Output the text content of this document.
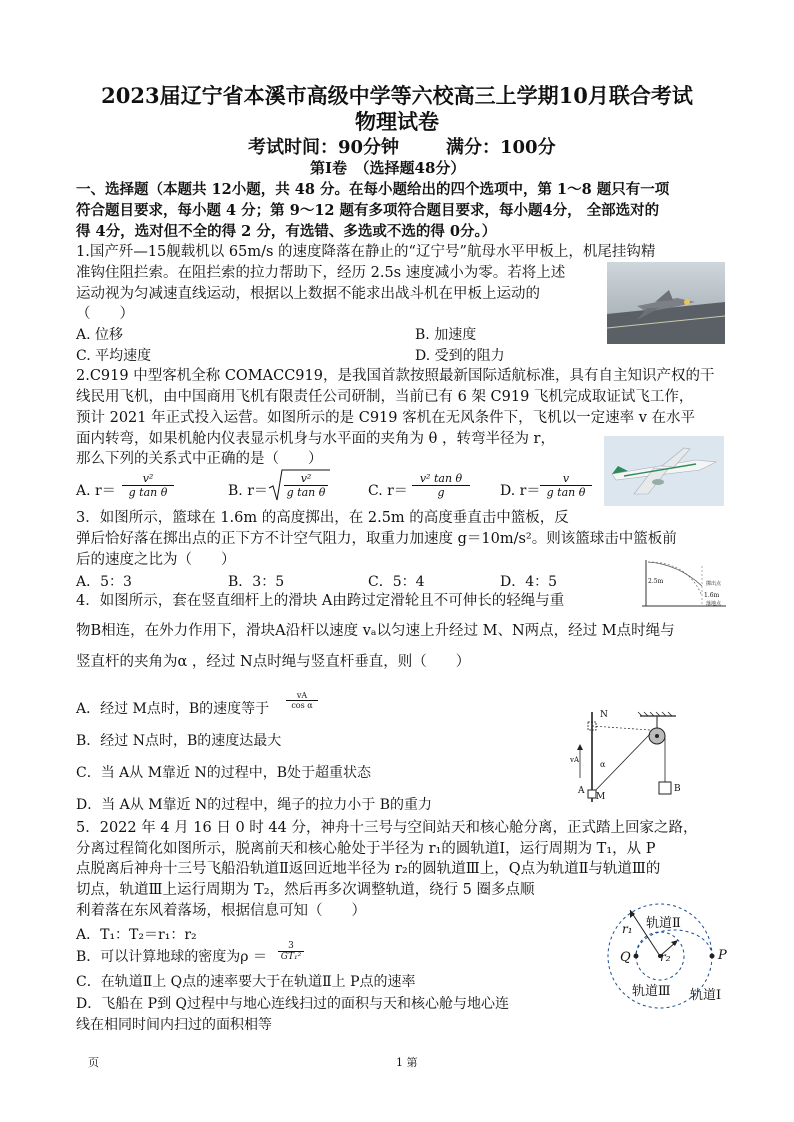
2023届辽宁省本溪市高级中学等六校高三上学期10月联合考试
物理试卷
考试时间：90分钟	满分：100分
第Ⅰ卷　（选择题48分）
一、选择题（本题共 12小题，共 48 分。在每小题给出的四个选项中，第 1～8 题只有一项
符合题目要求，每小题 4 分；第 9～12 题有多项符合题目要求，每小题4分， 全部选对的
得 4分，选对但不全的得 2 分，有选错、多选或不选的得 0分。）
1.国产歼—15舰载机以 65m/s 的速度降落在静止的“辽宁号”航母水平甲板上，机尾挂钩精
准钩住阻拦索。在阻拦索的拉力帮助下，经历 2.5s 速度减小为零。若将上述
运动视为匀减速直线运动，根据以上数据不能求出战斗机在甲板上运动的
（　　）
A. 位移	B. 加速度
C. 平均速度	D. 受到的阻力
2.C919 中型客机全称 COMACC919，是我国首款按照最新国际适航标准，具有自主知识产权的干
线民用飞机，由中国商用飞机有限责任公司研制，当前已有 6 架 C919 飞机完成取证试飞工作，
预计 2021 年正式投入运营。如图所示的是 C919 客机在无风条件下，飞机以一定速率 v 在水平
面内转弯，如果机舱内仪表显示机身与水平面的夹角为 θ ，转弯半径为 r，
那么下列的关系式中正确的是（　　）
A. $r= \frac{\text{v²}}{\text{g tan θ}}$	B. $r= \frac{\text{v²}}{\text{g tan θ}}$	C. $r= \frac{\text{v² tan θ}}{g} D$. $r= \frac{v}{\text{g tan θ}}$
3．如图所示，篮球在 1.6m 的高度掷出，在 2.5m 的高度垂直击中篮板，反
弹后恰好落在掷出点的正下方不计空气阻力，取重力加速度 g＝10m/s²。则该篮球击中篮板前
后的速度之比为（　　）
A．5：3	B．3：5	C．5：4	D．4：5	2.5m
1.6m
掷出点
落地点
4．如图所示，套在竖直细杆上的滑块 A由跨过定滑轮且不可伸长的轻绳与重
物B相连，在外力作用下，滑块A沿杆以速度 vₐ以匀速上升经过 M、N两点，经过 M点时绳与
竖直杆的夹角为α ，经过 N点时绳与竖直杆垂直，则（　　）
A．经过 M点时，B的速度等于 $\frac{vA}{\text{cos α}}$
B．经过 N点时，B的速度达最大
C．当 A从 M靠近 N的过程中，B处于超重状态
D．当 A从 M靠近 N的过程中，绳子的拉力小于 B的重力
N
M
A	B
vA	α
5．2022 年 4 月 16 日 0 时 44 分，神舟十三号与空间站天和核心舱分离，正式踏上回家之路，
分离过程简化如图所示，脱离前天和核心舱处于半径为 r₁的圆轨道Ⅰ，运行周期为 T₁，从 P
点脱离后神舟十三号飞船沿轨道Ⅱ返回近地半径为 r₂的圆轨道Ⅲ上，Q点为轨道Ⅱ与轨道Ⅲ的
切点，轨道Ⅲ上运行周期为 T₂，然后再多次调整轨道，绕行 5 圈多点顺
利着落在东风着落场，根据信息可知（　　）
A．T₁：T₂＝r₁：r₂
B．可以计算地球的密度为$\rho = \frac{3}{\text{GT₁²}}$
C．在轨道Ⅱ上 Q点的速率要大于在轨道Ⅱ上 P点的速率
D．飞船在 P到 Q过程中与地心连线扫过的面积与天和核心舱与地心连
线在相同时间内扫过的面积相等
轨道Ⅱ
轨道Ⅲ 轨道Ⅰ
P
Q
r₁
r₂
页	1 第
